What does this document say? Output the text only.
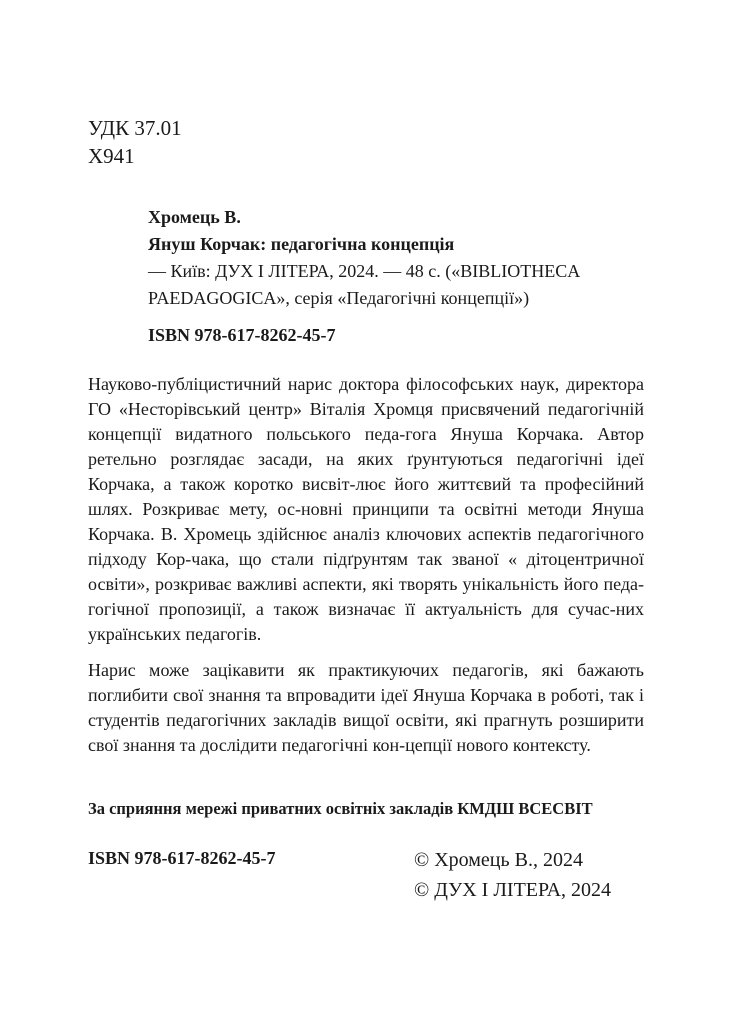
УДК 37.01
Х941
Хромець В.
Януш Корчак: педагогічна концепція
— Київ: ДУХ І ЛІТЕРА, 2024. — 48 с. («BIBLIOTHECA PAEDAGOGICA», серія «Педагогічні концепції»)
ISBN 978-617-8262-45-7

Науково-публіцистичний нарис доктора філософських наук, директора ГО «Несторівський центр» Віталія Хромця присвячений педагогічній концепції видатного польського педа-гога Януша Корчака. Автор ретельно розглядає засади, на яких ґрунтуються педагогічні ідеї Корчака, а також коротко висвіт-лює його життєвий та професійний шлях. Розкриває мету, ос-новні принципи та освітні методи Януша Корчака. В. Хромець здійснює аналіз ключових аспектів педагогічного підходу Кор-чака, що стали підґрунтям так званої « дітоцентричної освіти», розкриває важливі аспекти, які творять унікальність його педа-гогічної пропозиції, а також визначає її актуальність для сучас-них українських педагогів.

Нарис може зацікавити як практикуючих педагогів, які бажають поглибити свої знання та впровадити ідеї Януша Корчака в роботі, так і студентів педагогічних закладів вищої освіти, які прагнуть розширити свої знання та дослідити педагогічні кон-цепції нового контексту.

За сприяння мережі приватних освітніх закладів КМДШ ВСЕСВІТ
ISBN 978-617-8262-45-7	© Хромець В., 2024
© ДУХ І ЛІТЕРА, 2024
